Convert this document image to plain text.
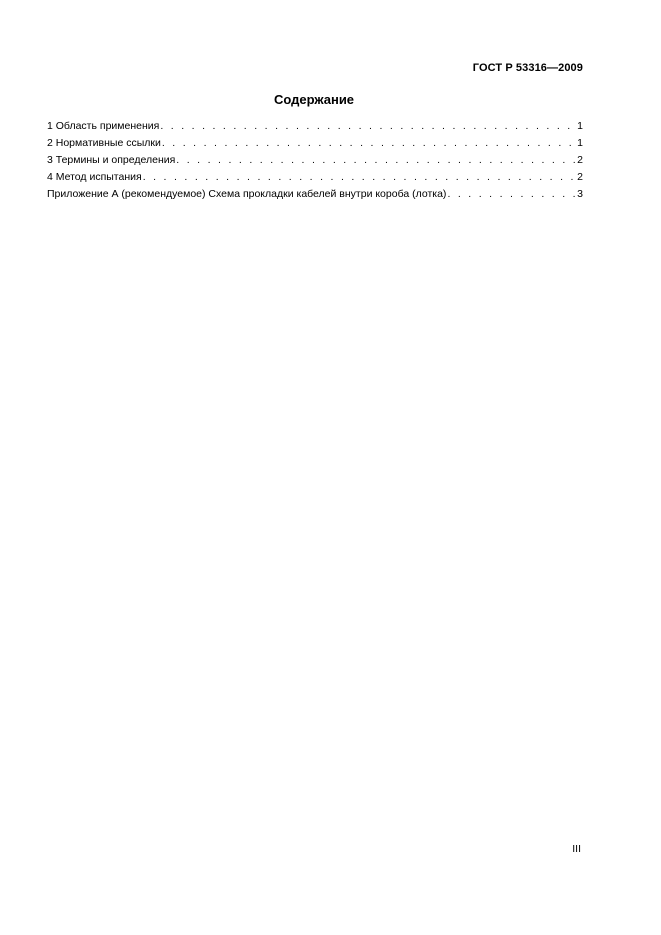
ГОСТ Р 53316—2009
Содержание
1 Область применения . . .	1
2 Нормативные ссылки . . .	1
3 Термины и определения . . .	2
4 Метод испытания . . .	2
Приложение А (рекомендуемое) Схема прокладки кабелей внутри короба (лотка) . . .	3
III
